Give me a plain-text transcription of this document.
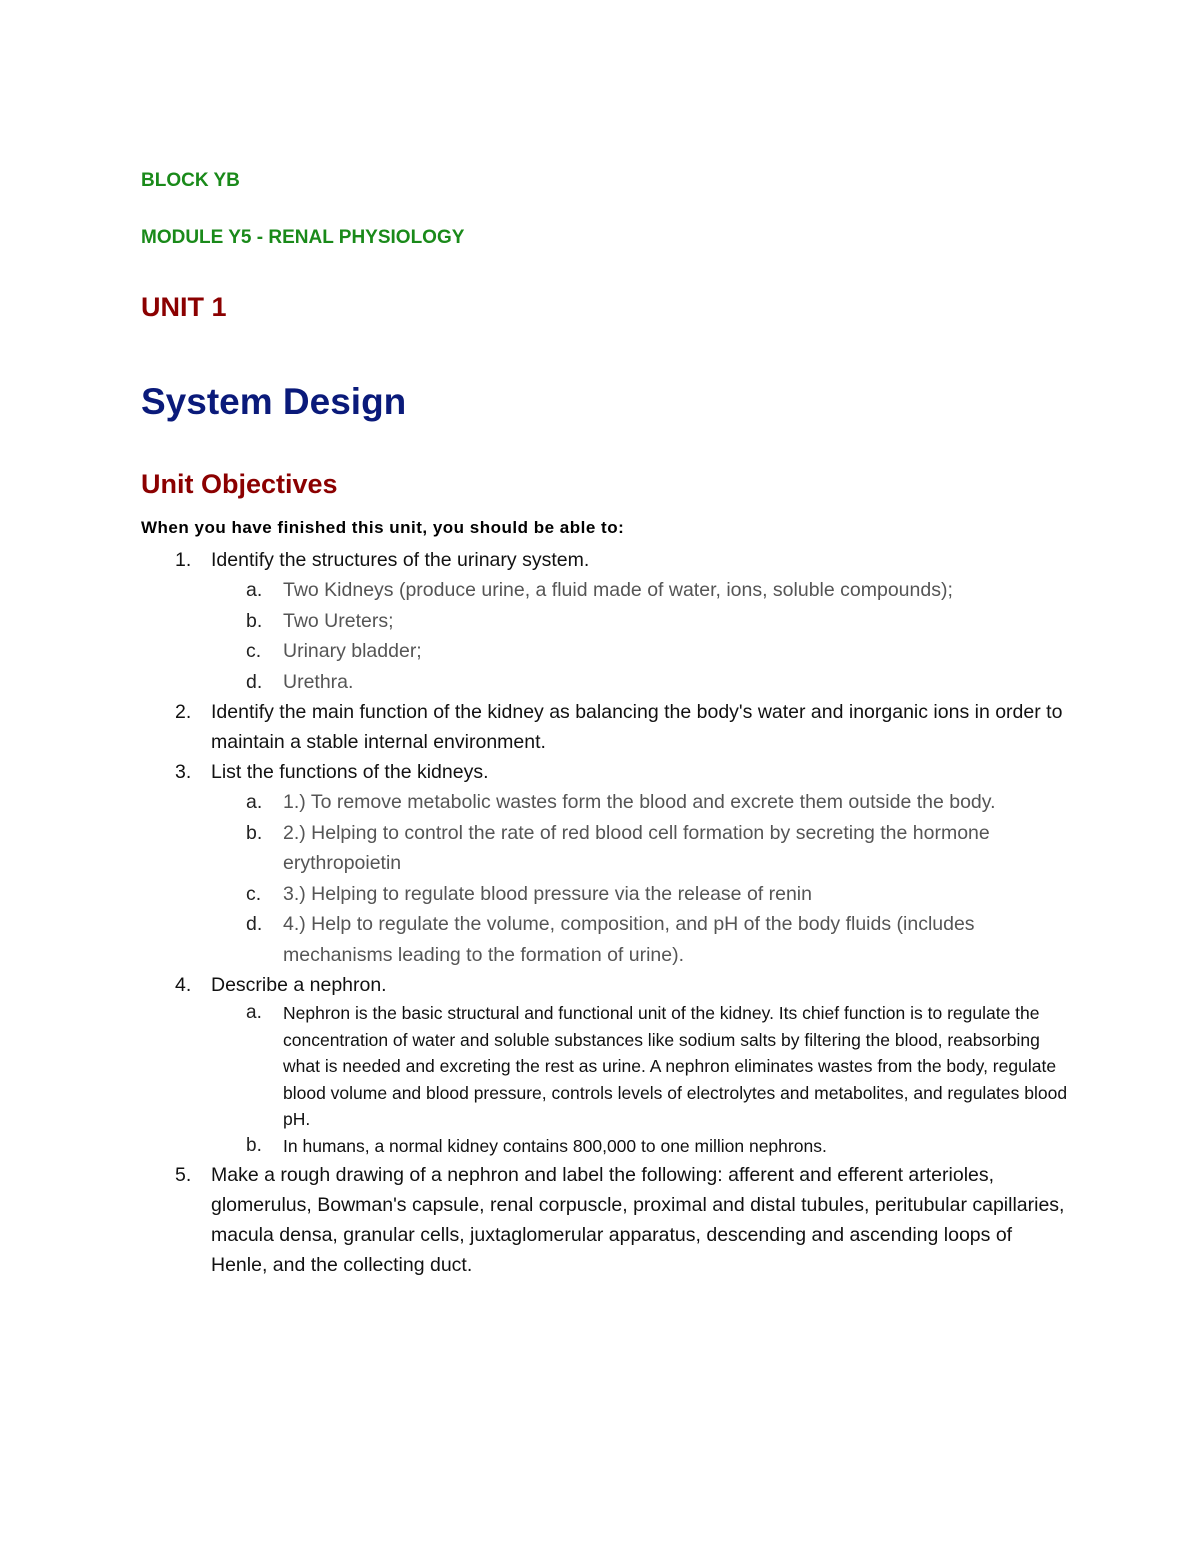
BLOCK YB
MODULE Y5 - RENAL PHYSIOLOGY
UNIT 1
System Design
Unit Objectives
When you have finished this unit, you should be able to:
1. Identify the structures of the urinary system.
a. Two Kidneys (produce urine, a fluid made of water, ions, soluble compounds);
b. Two Ureters;
c. Urinary bladder;
d. Urethra.
2. Identify the main function of the kidney as balancing the body's water and inorganic ions in order to maintain a stable internal environment.
3. List the functions of the kidneys.
a. 1.) To remove metabolic wastes form the blood and excrete them outside the body.
b. 2.) Helping to control the rate of red blood cell formation by secreting the hormone erythropoietin
c. 3.) Helping to regulate blood pressure via the release of renin
d. 4.) Help to regulate the volume, composition, and pH of the body fluids (includes mechanisms leading to the formation of urine).
4. Describe a nephron.
a. Nephron is the basic structural and functional unit of the kidney. Its chief function is to regulate the concentration of water and soluble substances like sodium salts by filtering the blood, reabsorbing what is needed and excreting the rest as urine. A nephron eliminates wastes from the body, regulate blood volume and blood pressure, controls levels of electrolytes and metabolites, and regulates blood pH.
b. In humans, a normal kidney contains 800,000 to one million nephrons.
5. Make a rough drawing of a nephron and label the following: afferent and efferent arterioles, glomerulus, Bowman's capsule, renal corpuscle, proximal and distal tubules, peritubular capillaries, macula densa, granular cells, juxtaglomerular apparatus, descending and ascending loops of Henle, and the collecting duct.
